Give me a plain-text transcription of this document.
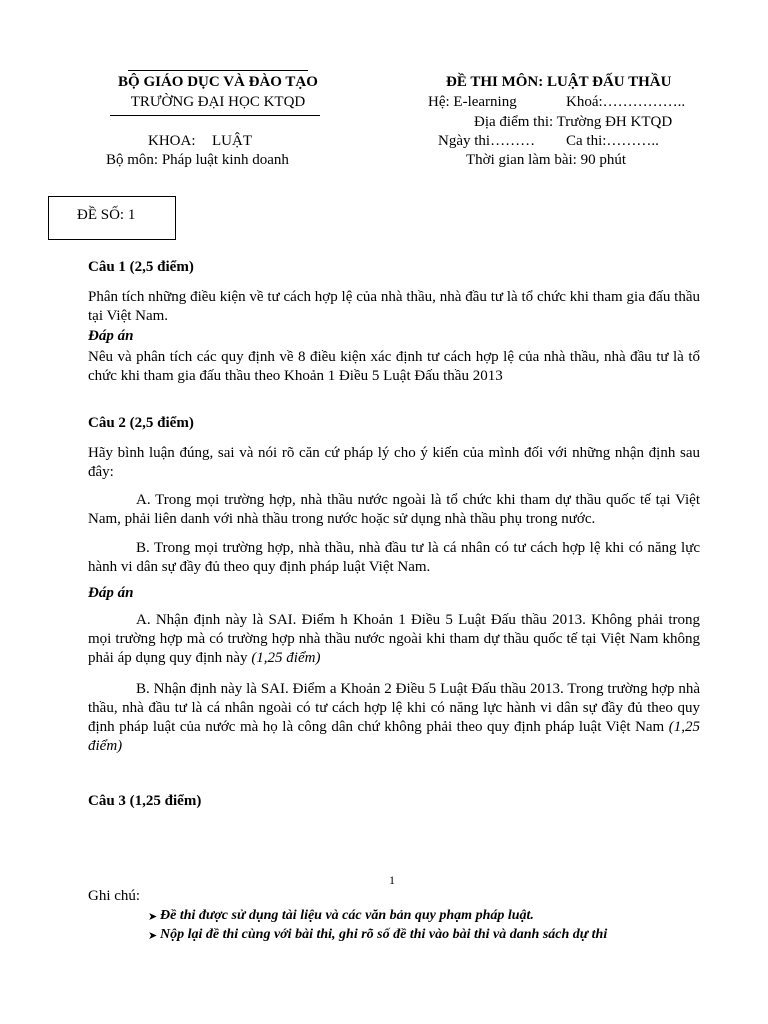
BỘ GIÁO DỤC VÀ ĐÀO TẠO
TRƯỜNG ĐẠI HỌC KTQD
KHOA: LUẬT
Bộ môn: Pháp luật kinh doanh
ĐỀ THI MÔN: LUẬT ĐẤU THẦU
Hệ: E-learning	Khoá:……………..
Địa điểm thi: Trường ĐH KTQD
Ngày thi……… Ca thi:………..
Thời gian làm bài: 90 phút
ĐỀ SỐ: 1
Câu 1 (2,5 điểm)
Phân tích những điều kiện về tư cách hợp lệ của nhà thầu, nhà đầu tư là tổ chức khi tham gia đấu thầu tại Việt Nam.
Đáp án
Nêu và phân tích các quy định về 8 điều kiện xác định tư cách hợp lệ của nhà thầu, nhà đầu tư là tổ chức khi tham gia đấu thầu theo Khoản 1 Điều 5 Luật Đấu thầu 2013
Câu 2 (2,5 điểm)
Hãy bình luận đúng, sai và nói rõ căn cứ pháp lý cho ý kiến của mình đối với những nhận định sau đây:
A. Trong mọi trường hợp, nhà thầu nước ngoài là tổ chức khi tham dự thầu quốc tế tại Việt Nam, phải liên danh với nhà thầu trong nước hoặc sử dụng nhà thầu phụ trong nước.
B. Trong mọi trường hợp, nhà thầu, nhà đầu tư là cá nhân có tư cách hợp lệ khi có năng lực hành vi dân sự đầy đủ theo quy định pháp luật Việt Nam.
Đáp án
A. Nhận định này là SAI. Điểm h Khoản 1 Điều 5 Luật Đấu thầu 2013. Không phải trong mọi trường hợp mà có trường hợp nhà thầu nước ngoài khi tham dự thầu quốc tế tại Việt Nam không phải áp dụng quy định này (1,25 điểm)
B. Nhận định này là SAI. Điểm a Khoản 2 Điều 5 Luật Đấu thầu 2013. Trong trường hợp nhà thầu, nhà đầu tư là cá nhân ngoài có tư cách hợp lệ khi có năng lực hành vi dân sự đầy đủ theo quy định pháp luật của nước mà họ là công dân chứ không phải theo quy định pháp luật Việt Nam (1,25 điểm)
Câu 3 (1,25 điểm)
1
Ghi chú:
➤ Đề thi được sử dụng tài liệu và các văn bản quy phạm pháp luật.
➤ Nộp lại đề thi cùng với bài thi, ghi rõ số đề thi vào bài thi và danh sách dự thi
